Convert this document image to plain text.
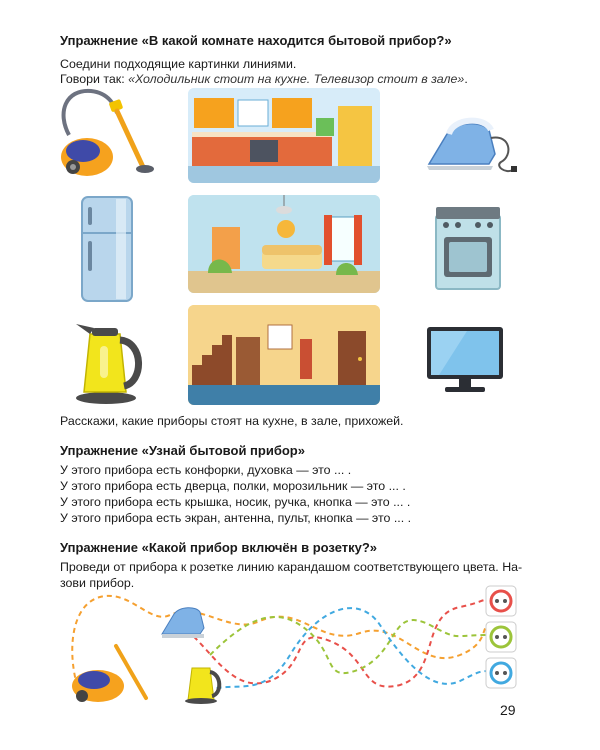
Упражнение «В какой комнате находится бытовой прибор?»
Соедини подходящие картинки линиями.
Говори так: «Холодильник стоит на кухне. Телевизор стоит в зале».
Расскажи, какие приборы стоят на кухне, в зале, прихожей.
Упражнение «Узнай бытовой прибор»
У этого прибора есть конфорки, духовка — это ... .
У этого прибора есть дверца, полки, морозильник — это ... .
У этого прибора есть крышка, носик, ручка, кнопка — это ... .
У этого прибора есть экран, антенна, пульт, кнопка — это ... .
Упражнение «Какой прибор включён в розетку?»
Проведи от прибора к розетке линию карандашом соответствующего цвета. На-
зови прибор.
29
